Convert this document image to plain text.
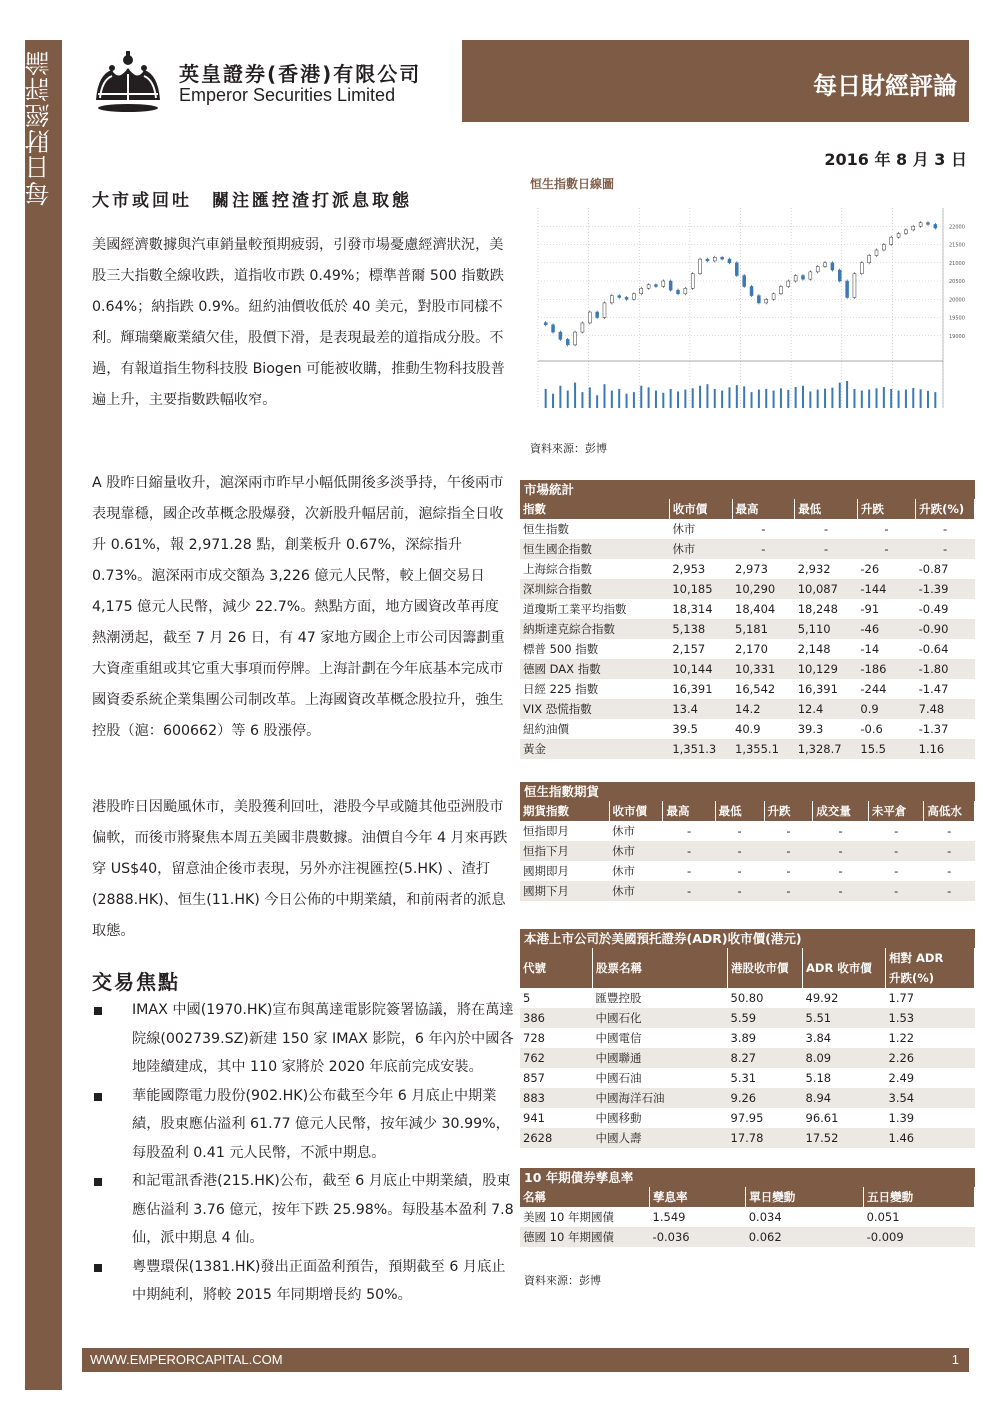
每日財經評論	英皇證券(香港)有限公司
Emperor Securities Limited	每日財經評論
2016 年 8 月 3 日
大市或回吐　關注匯控渣打派息取態
美國經濟數據與汽車銷量較預期疲弱，引發市場憂慮經濟狀況，美股三大指數全線收跌，道指收市跌 0.49%；標準普爾 500 指數跌 0.64%；納指跌 0.9%。紐約油價收低於 40 美元，對股市同樣不利。輝瑞藥廠業績欠佳，股價下滑，是表現最差的道指成分股。不過，有報道指生物科技股 Biogen 可能被收購，推動生物科技股普遍上升，主要指數跌幅收窄。
A 股昨日縮量收升，滬深兩市昨早小幅低開後多淡爭持，午後兩市表現靠穩，國企改革概念股爆發，次新股升幅居前，滬綜指全日收升 0.61%，報 2,971.28 點，創業板升 0.67%，深綜指升 0.73%。滬深兩市成交額為 3,226 億元人民幣，較上個交易日 4,175 億元人民幣，減少 22.7%。熱點方面，地方國資改革再度熱潮湧起，截至 7 月 26 日，有 47 家地方國企上市公司因籌劃重大資產重組或其它重大事項而停牌。上海計劃在今年底基本完成市國資委系統企業集團公司制改革。上海國資改革概念股拉升，強生控股（滬：600662）等 6 股漲停。
港股昨日因颱風休市，美股獲利回吐，港股今早或隨其他亞洲股市偏軟，而後市將聚焦本周五美國非農數據。油價自今年 4 月來再跌穿 US$40，留意油企後市表現，另外亦注視匯控(5.HK) 、渣打(2888.HK)、恒生(11.HK) 今日公佈的中期業績，和前兩者的派息取態。
交易焦點
IMAX 中國(1970.HK)宣布與萬達電影院簽署協議，將在萬達院線(002739.SZ)新建 150 家 IMAX 影院，6 年內於中國各地陸續建成，其中 110 家將於 2020 年底前完成安裝。
華能國際電力股份(902.HK)公布截至今年 6 月底止中期業績，股東應佔溢利 61.77 億元人民幣，按年減少 30.99%，每股盈利 0.41 元人民幣，不派中期息。
和記電訊香港(215.HK)公布，截至 6 月底止中期業績，股東應佔溢利 3.76 億元，按年下跌 25.98%。每股基本盈利 7.8 仙，派中期息 4 仙。
粵豐環保(1381.HK)發出正面盈利預告，預期截至 6 月底止中期純利，將較 2015 年同期增長約 50%。
恒生指數日線圖
19000
19500
20000
20500
21000
21500
22000
資料來源：彭博
市場統計
指數	收市價	最高	最低	升跌	升跌(%)
恒生指數	休市	-	-	-	-
恒生國企指數	休市	-	-	-	-
上海綜合指數	2,953	2,973	2,932	-26	-0.87
深圳綜合指數	10,185	10,290	10,087	-144	-1.39
道瓊斯工業平均指數	18,314	18,404	18,248	-91	-0.49
納斯達克綜合指數	5,138	5,181	5,110	-46	-0.90
標普 500 指數	2,157	2,170	2,148	-14	-0.64
德國 DAX 指數	10,144	10,331	10,129	-186	-1.80
日經 225 指數	16,391	16,542	16,391	-244	-1.47
VIX 恐慌指數	13.4	14.2	12.4	0.9	7.48
紐約油價	39.5	40.9	39.3	-0.6	-1.37
黃金	1,351.3	1,355.1	1,328.7	15.5	1.16
恒生指數期貨
期貨指數	收市價	最高	最低	升跌	成交量	未平倉	高低水
恒指即月	休市	-	-	-	-	-	-
恒指下月	休市	-	-	-	-	-	-
國期即月	休市	-	-	-	-	-	-
國期下月	休市	-	-	-	-	-	-
本港上市公司於美國預托證券(ADR)收市價(港元)
代號	股票名稱	港股收市價	ADR 收市價	相對 ADR
				升跌(%)
5	匯豐控股	50.80	49.92	1.77
386	中國石化	5.59	5.51	1.53
728	中國電信	3.89	3.84	1.22
762	中國聯通	8.27	8.09	2.26
857	中國石油	5.31	5.18	2.49
883	中國海洋石油	9.26	8.94	3.54
941	中國移動	97.95	96.61	1.39
2628	中國人壽	17.78	17.52	1.46
10 年期債券孳息率
名稱	孳息率	單日變動	五日變動
美國 10 年期國債	1.549	0.034	0.051
德國 10 年期國債	-0.036	0.062	-0.009
資料來源：彭博
WWW.EMPERORCAPITAL.COM	1
